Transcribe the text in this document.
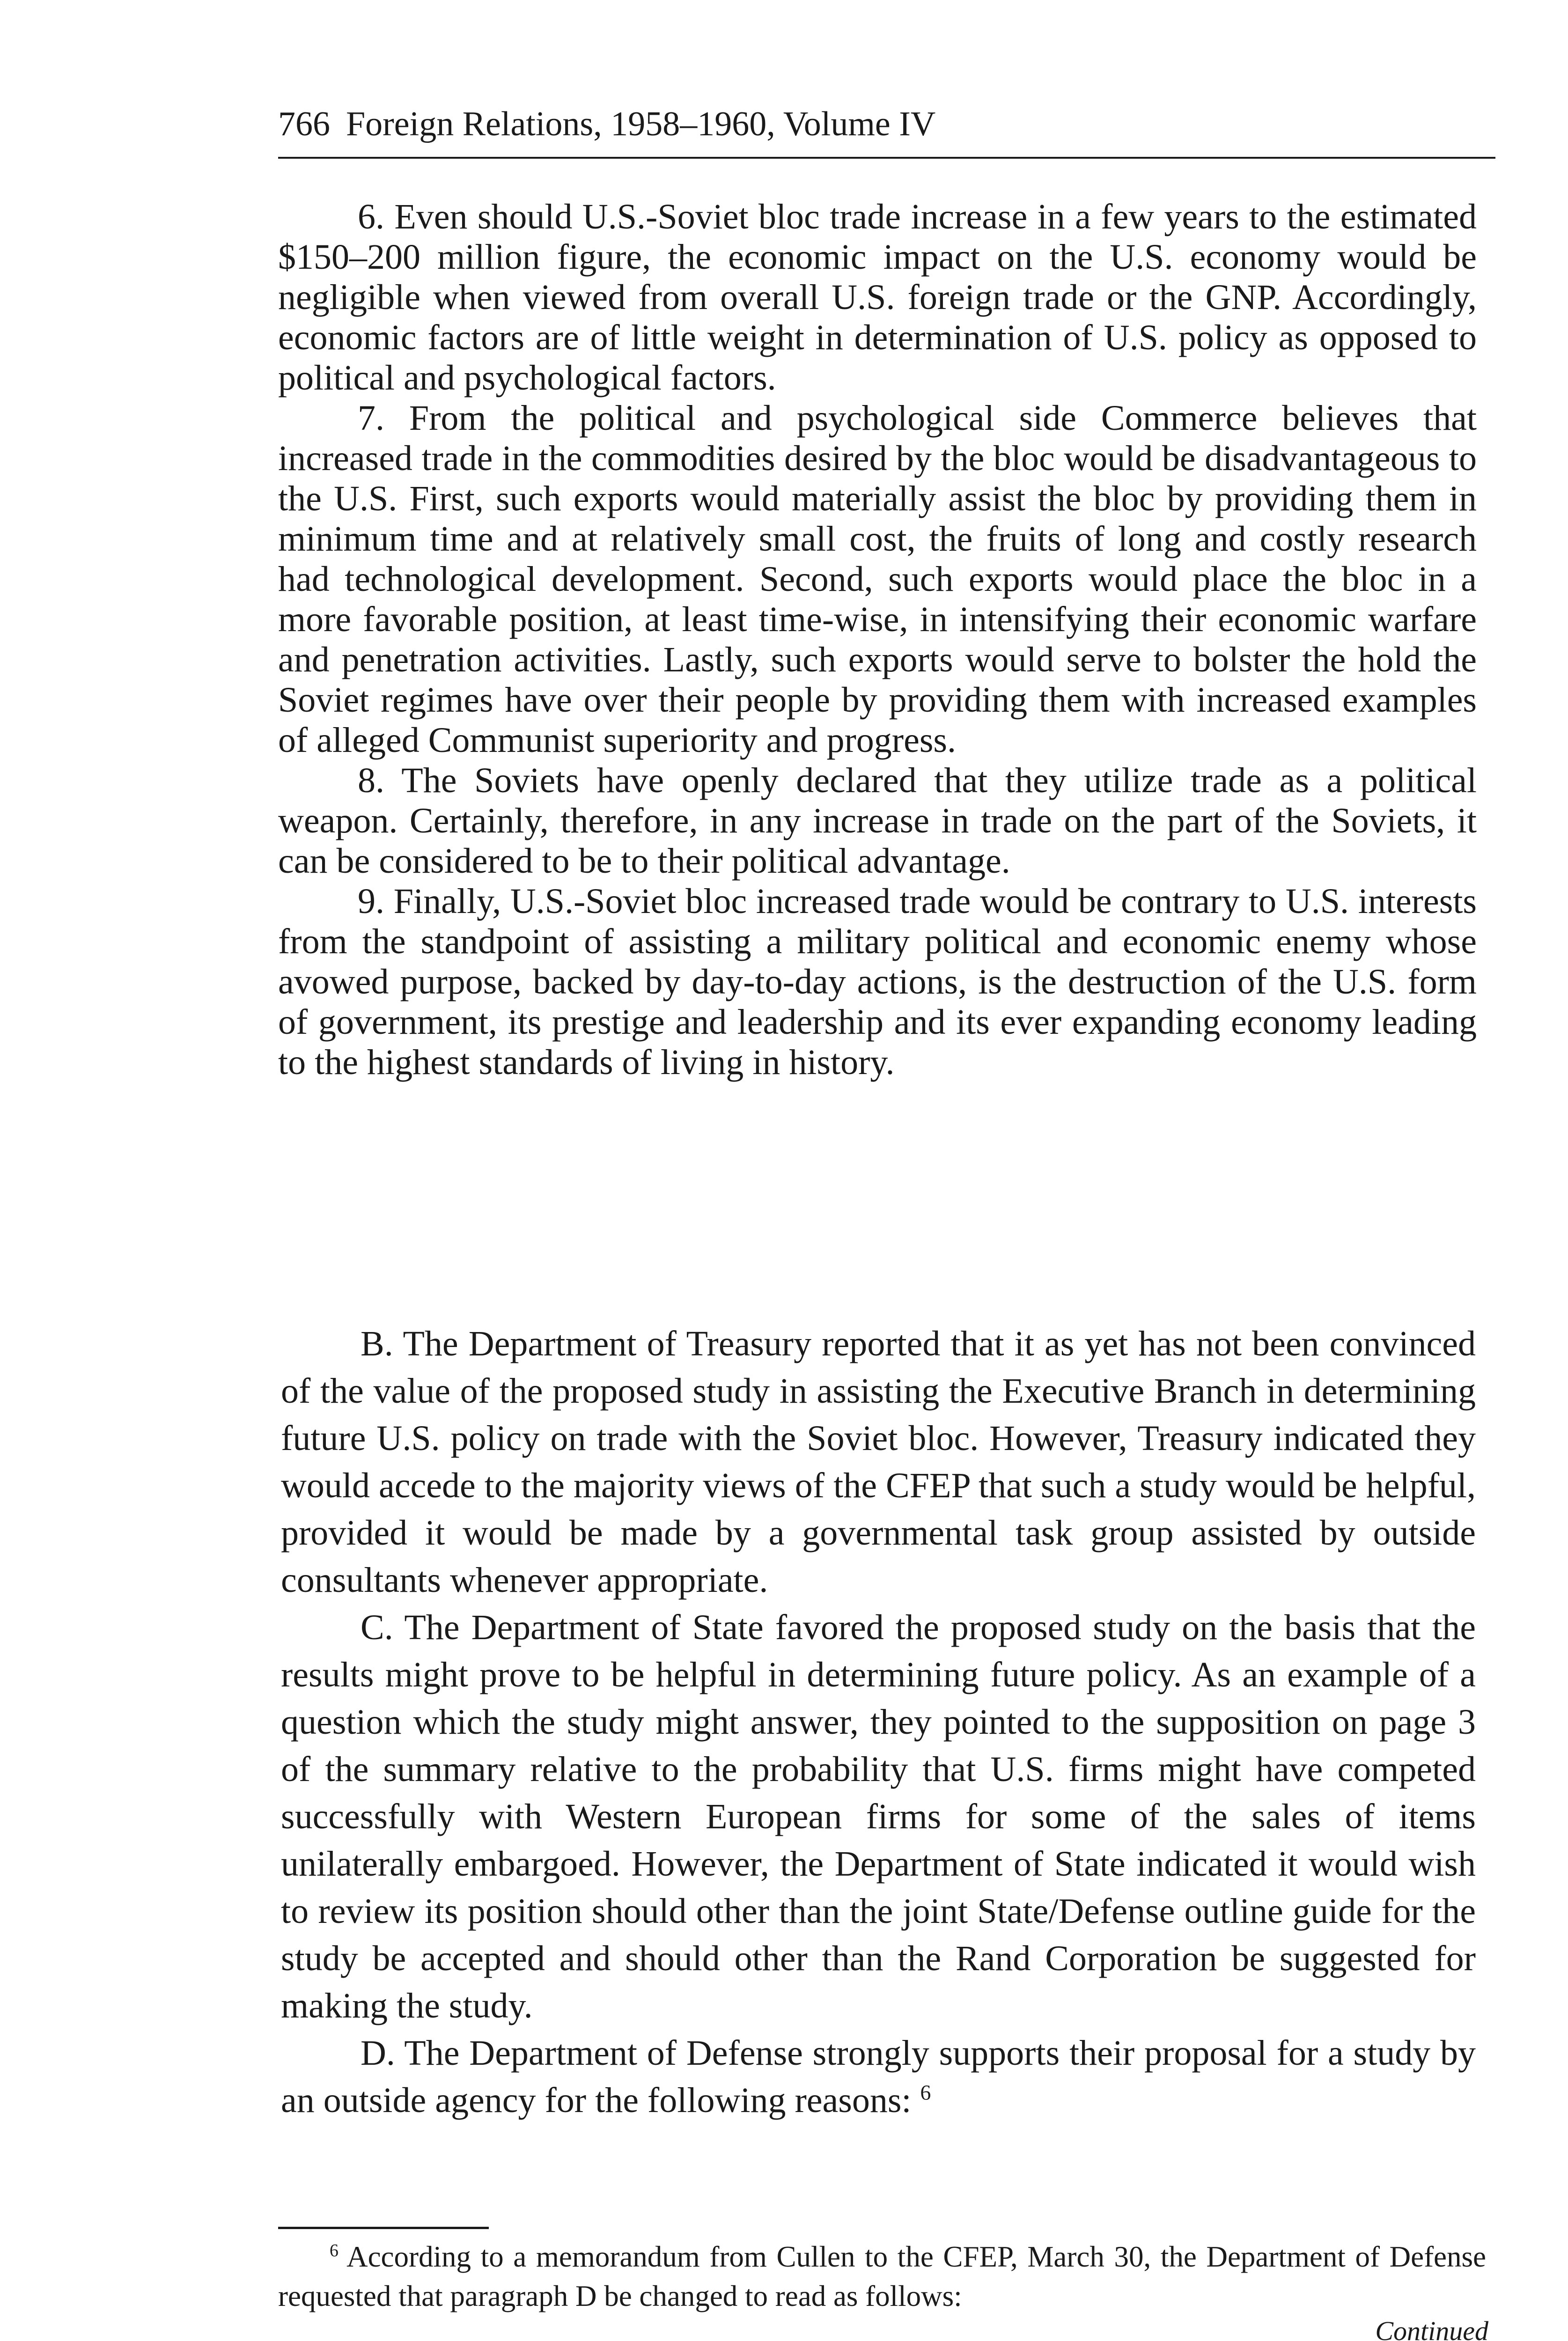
766 Foreign Relations, 1958–1960, Volume IV

6. Even should U.S.-Soviet bloc trade increase in a few years to the estimated $150–200 million figure, the economic impact on the U.S. economy would be negligible when viewed from overall U.S. foreign trade or the GNP. Accordingly, economic factors are of little weight in determination of U.S. policy as opposed to political and psychological factors.

7. From the political and psychological side Commerce believes that increased trade in the commodities desired by the bloc would be disadvantageous to the U.S. First, such exports would materially assist the bloc by providing them in minimum time and at relatively small cost, the fruits of long and costly research had technological development. Second, such exports would place the bloc in a more favorable position, at least time-wise, in intensifying their economic warfare and penetration activities. Lastly, such exports would serve to bolster the hold the Soviet regimes have over their people by providing them with increased examples of alleged Communist superiority and progress.

8. The Soviets have openly declared that they utilize trade as a political weapon. Certainly, therefore, in any increase in trade on the part of the Soviets, it can be considered to be to their political advantage.

9. Finally, U.S.-Soviet bloc increased trade would be contrary to U.S. interests from the standpoint of assisting a military political and economic enemy whose avowed purpose, backed by day-to-day actions, is the destruction of the U.S. form of government, its prestige and leadership and its ever expanding economy leading to the highest standards of living in history.

B. The Department of Treasury reported that it as yet has not been convinced of the value of the proposed study in assisting the Executive Branch in determining future U.S. policy on trade with the Soviet bloc. However, Treasury indicated they would accede to the majority views of the CFEP that such a study would be helpful, provided it would be made by a governmental task group assisted by outside consultants whenever appropriate.

C. The Department of State favored the proposed study on the basis that the results might prove to be helpful in determining future policy. As an example of a question which the study might answer, they pointed to the supposition on page 3 of the summary relative to the probability that U.S. firms might have competed successfully with Western European firms for some of the sales of items unilaterally embargoed. However, the Department of State indicated it would wish to review its position should other than the joint State/Defense outline guide for the study be accepted and should other than the Rand Corporation be suggested for making the study.

D. The Department of Defense strongly supports their proposal for a study by an outside agency for the following reasons: $^6$

$^6$ According to a memorandum from Cullen to the CFEP, March 30, the Department of Defense requested that paragraph D be changed to read as follows:
Continued
